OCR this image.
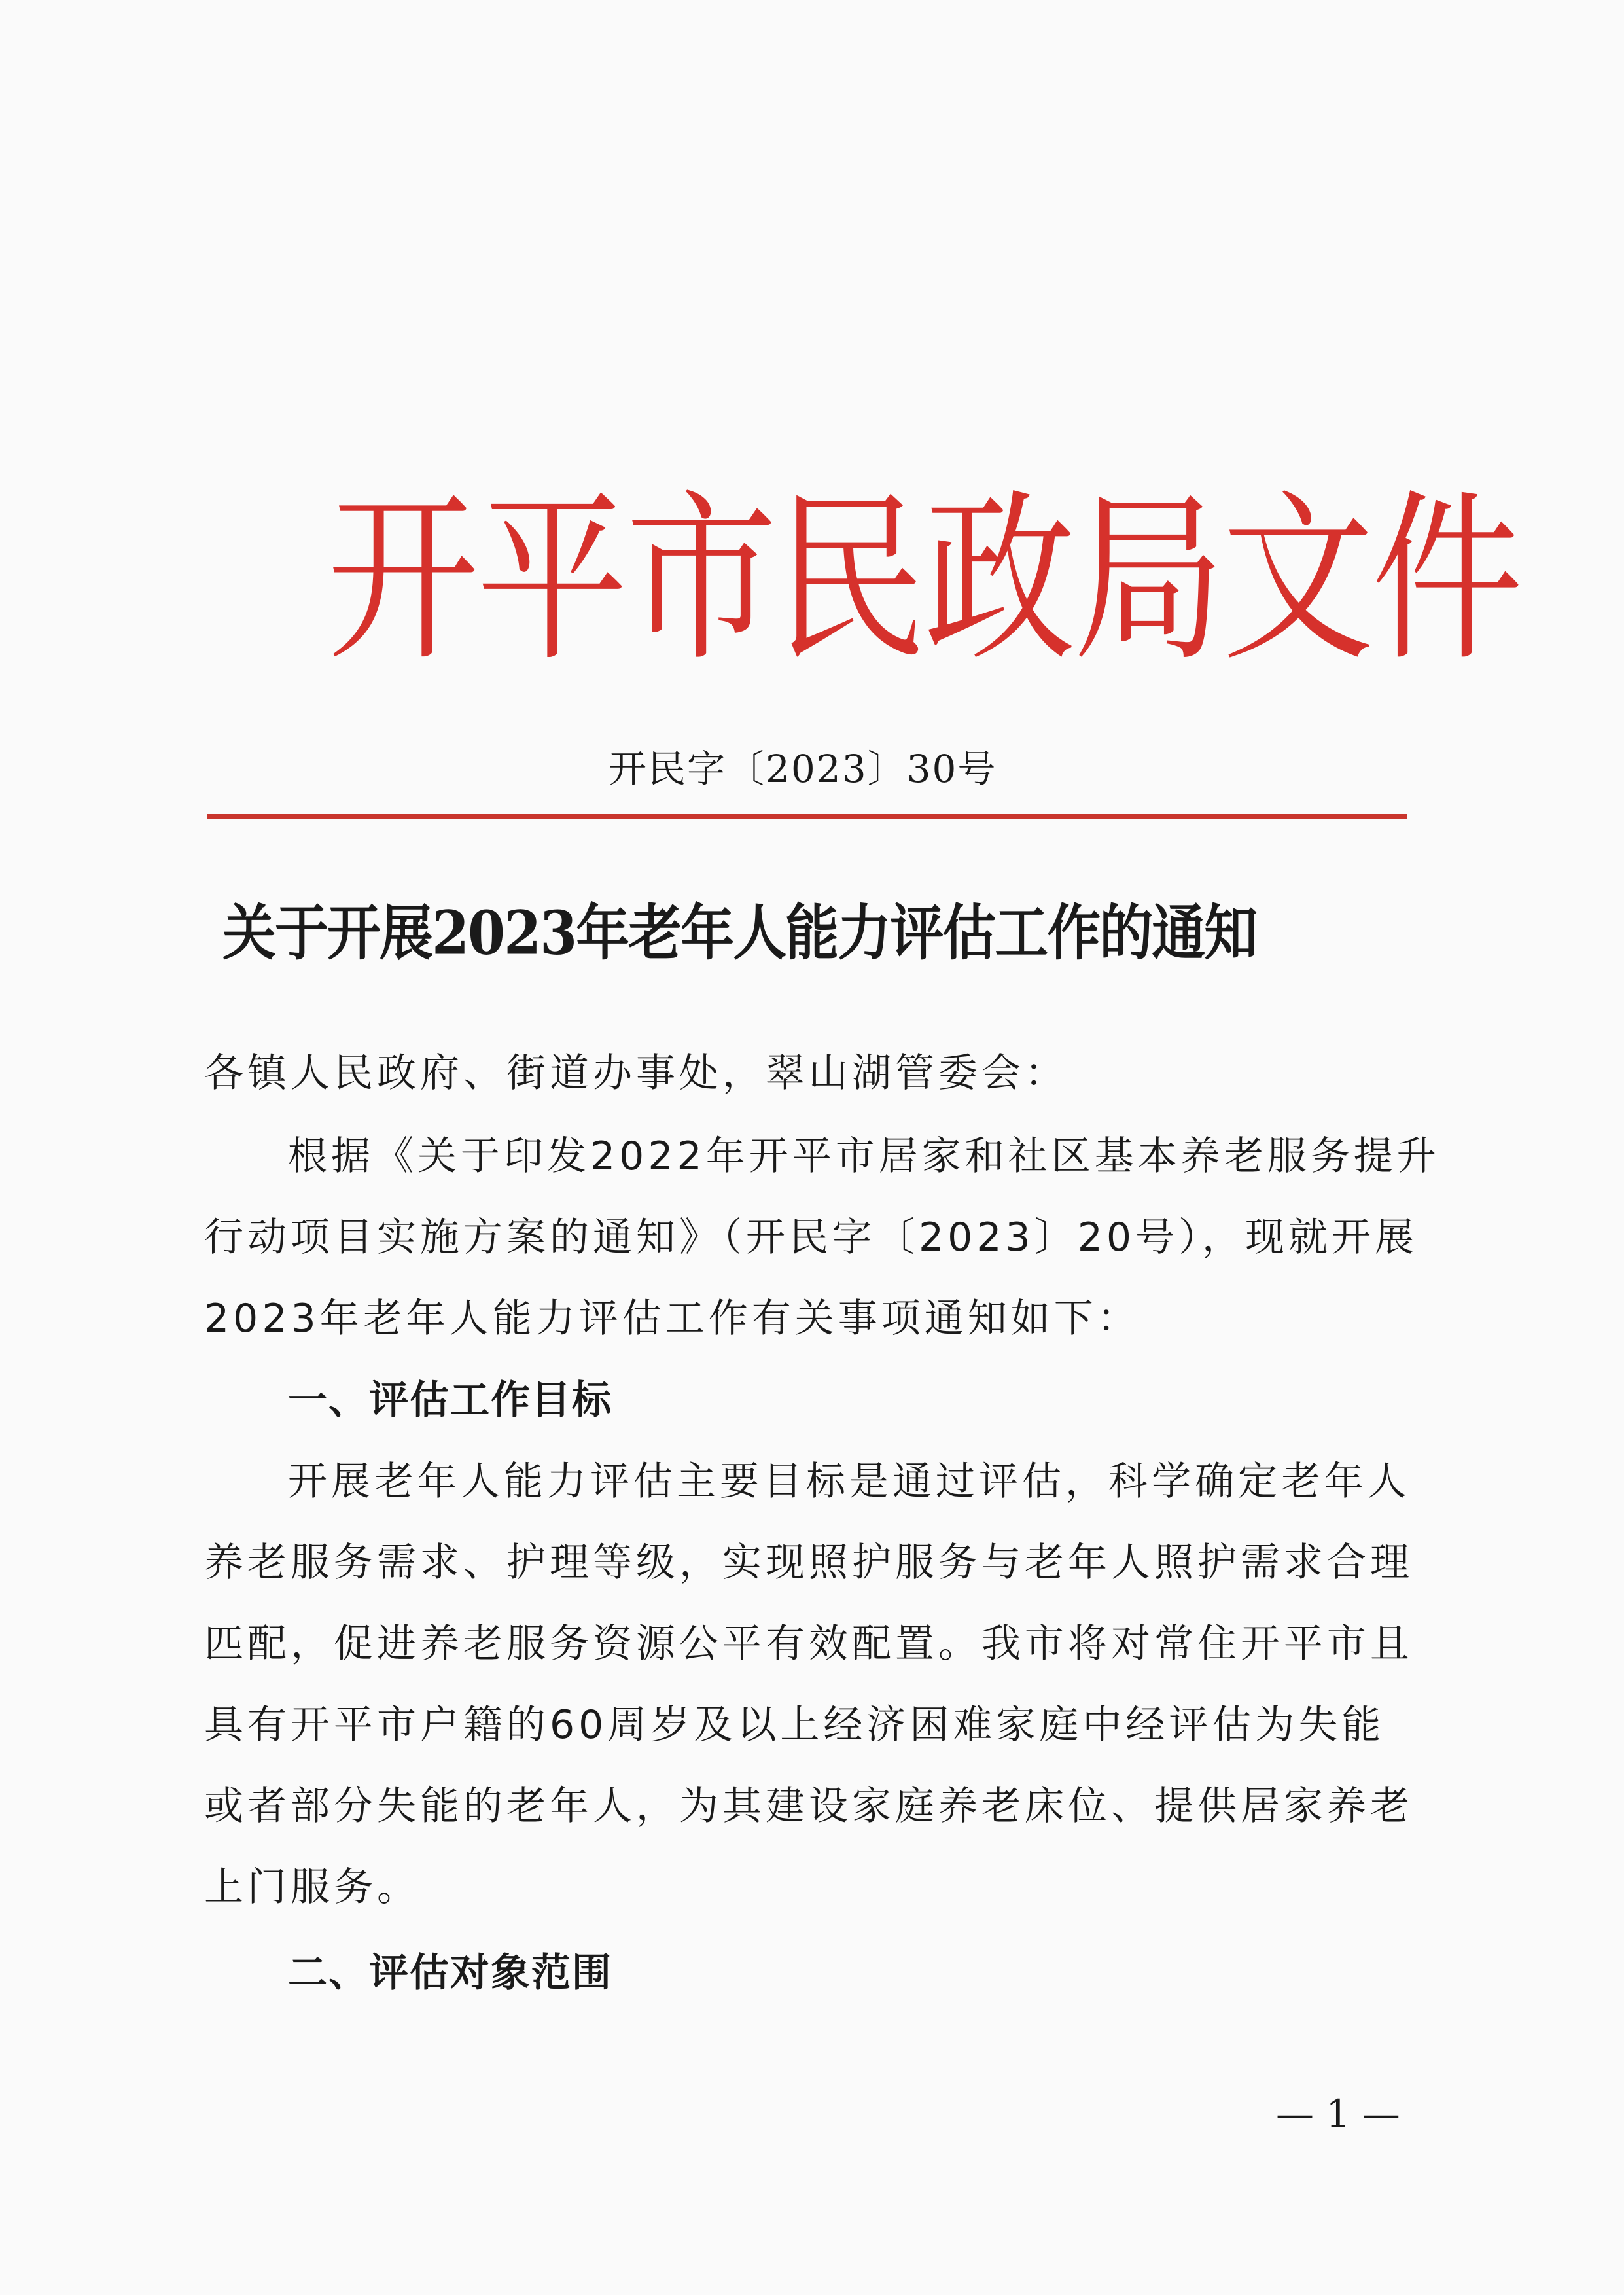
开平市民政局文件
开民字〔2023〕30号
关于开展2023年老年人能力评估工作的通知
各镇人民政府、街道办事处，翠山湖管委会：
根据《关于印发2022年开平市居家和社区基本养老服务提升
行动项目实施方案的通知》（开民字〔2023〕20号），现就开展
2023年老年人能力评估工作有关事项通知如下：
一、评估工作目标
开展老年人能力评估主要目标是通过评估，科学确定老年人
养老服务需求、护理等级，实现照护服务与老年人照护需求合理
匹配，促进养老服务资源公平有效配置。我市将对常住开平市且
具有开平市户籍的60周岁及以上经济困难家庭中经评估为失能
或者部分失能的老年人，为其建设家庭养老床位、提供居家养老
上门服务。
二、评估对象范围
— 1 —
